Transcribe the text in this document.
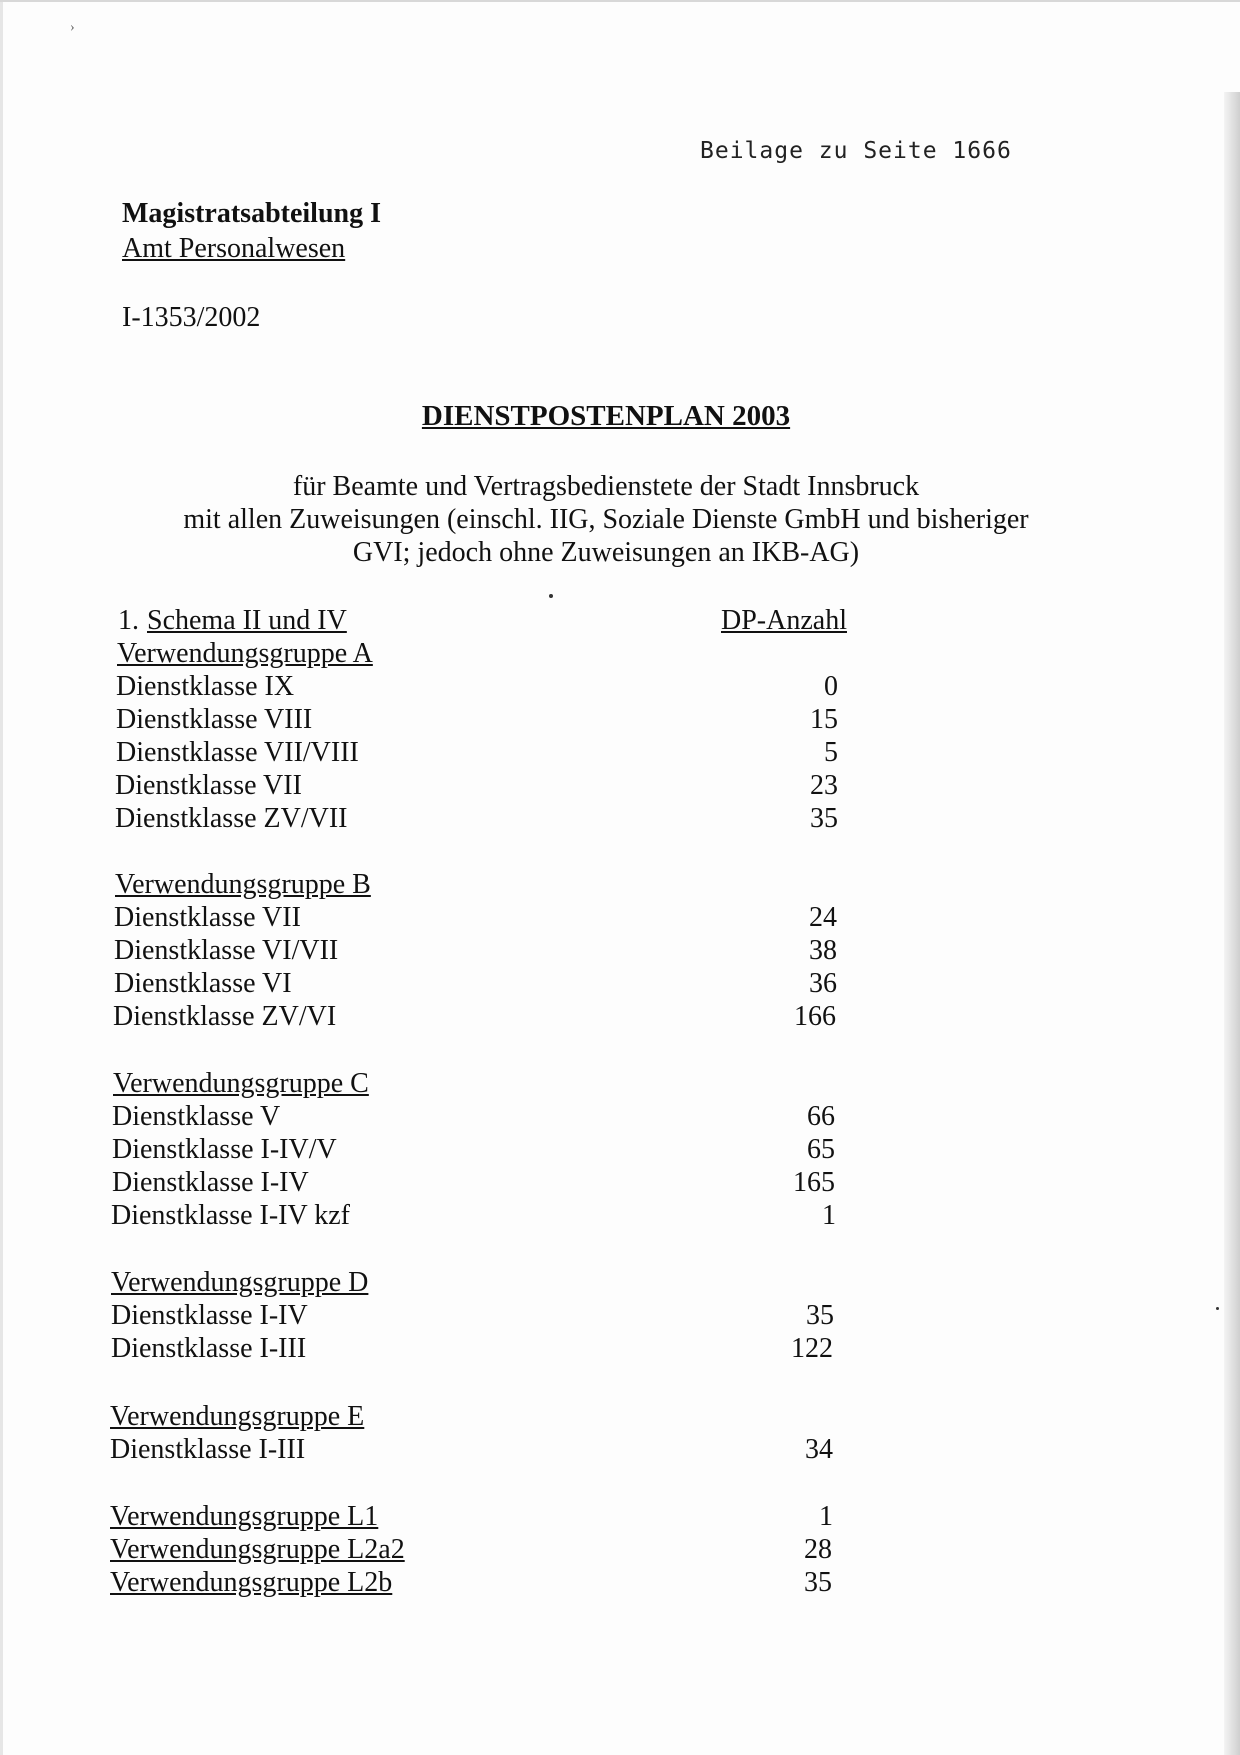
›
Beilage zu Seite 1666
Magistratsabteilung I
Amt Personalwesen
I-1353/2002
DIENSTPOSTENPLAN 2003
für Beamte und Vertragsbedienstete der Stadt Innsbruck
mit allen Zuweisungen (einschl. IIG, Soziale Dienste GmbH und bisheriger
GVI; jedoch ohne Zuweisungen an IKB-AG)
1. Schema II und IV	DP-Anzahl
Verwendungsgruppe A
Dienstklasse IX	0
Dienstklasse VIII	15
Dienstklasse VII/VIII	5
Dienstklasse VII	23
Dienstklasse ZV/VII	35
Verwendungsgruppe B
Dienstklasse VII	24
Dienstklasse VI/VII	38
Dienstklasse VI	36
Dienstklasse ZV/VI	166
Verwendungsgruppe C
Dienstklasse V	66
Dienstklasse I-IV/V	65
Dienstklasse I-IV	165
Dienstklasse I-IV kzf	1
Verwendungsgruppe D
Dienstklasse I-IV	35
Dienstklasse I-III	122
Verwendungsgruppe E
Dienstklasse I-III	34
Verwendungsgruppe L1	1
Verwendungsgruppe L2a2	28
Verwendungsgruppe L2b	35
